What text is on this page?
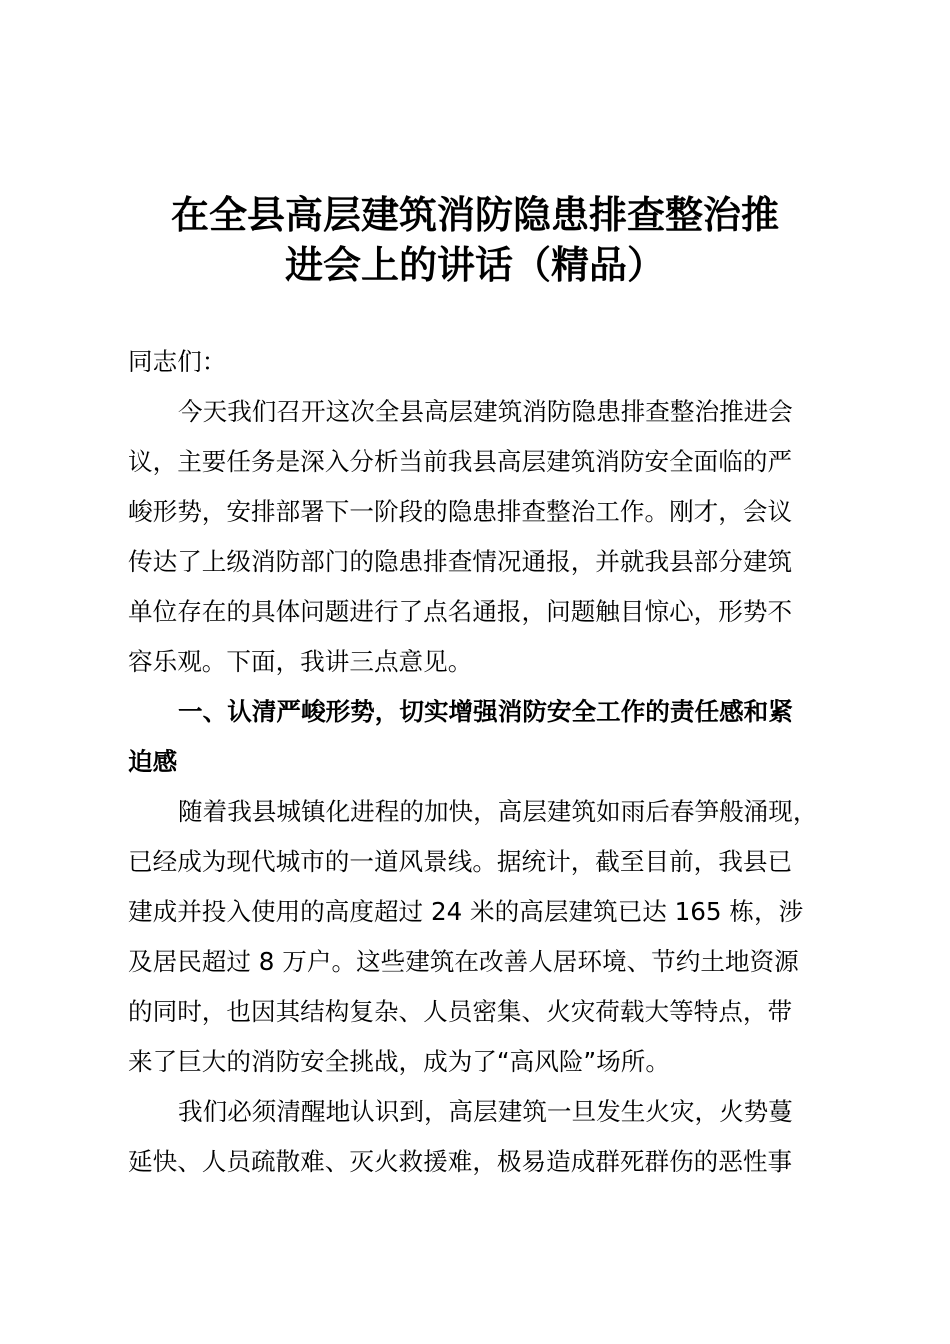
在全县高层建筑消防隐患排查整治推
进会上的讲话（精品）
同志们：
今天我们召开这次全县高层建筑消防隐患排查整治推进会
议，主要任务是深入分析当前我县高层建筑消防安全面临的严
峻形势，安排部署下一阶段的隐患排查整治工作。刚才，会议
传达了上级消防部门的隐患排查情况通报，并就我县部分建筑
单位存在的具体问题进行了点名通报，问题触目惊心，形势不
容乐观。下面，我讲三点意见。
一、认清严峻形势，切实增强消防安全工作的责任感和紧
迫感
随着我县城镇化进程的加快，高层建筑如雨后春笋般涌现，
已经成为现代城市的一道风景线。据统计，截至目前，我县已
建成并投入使用的高度超过 24 米的高层建筑已达 165 栋，涉
及居民超过 8 万户。这些建筑在改善人居环境、节约土地资源
的同时，也因其结构复杂、人员密集、火灾荷载大等特点，带
来了巨大的消防安全挑战，成为了“高风险”场所。
我们必须清醒地认识到，高层建筑一旦发生火灾，火势蔓
延快、人员疏散难、灭火救援难，极易造成群死群伤的恶性事
